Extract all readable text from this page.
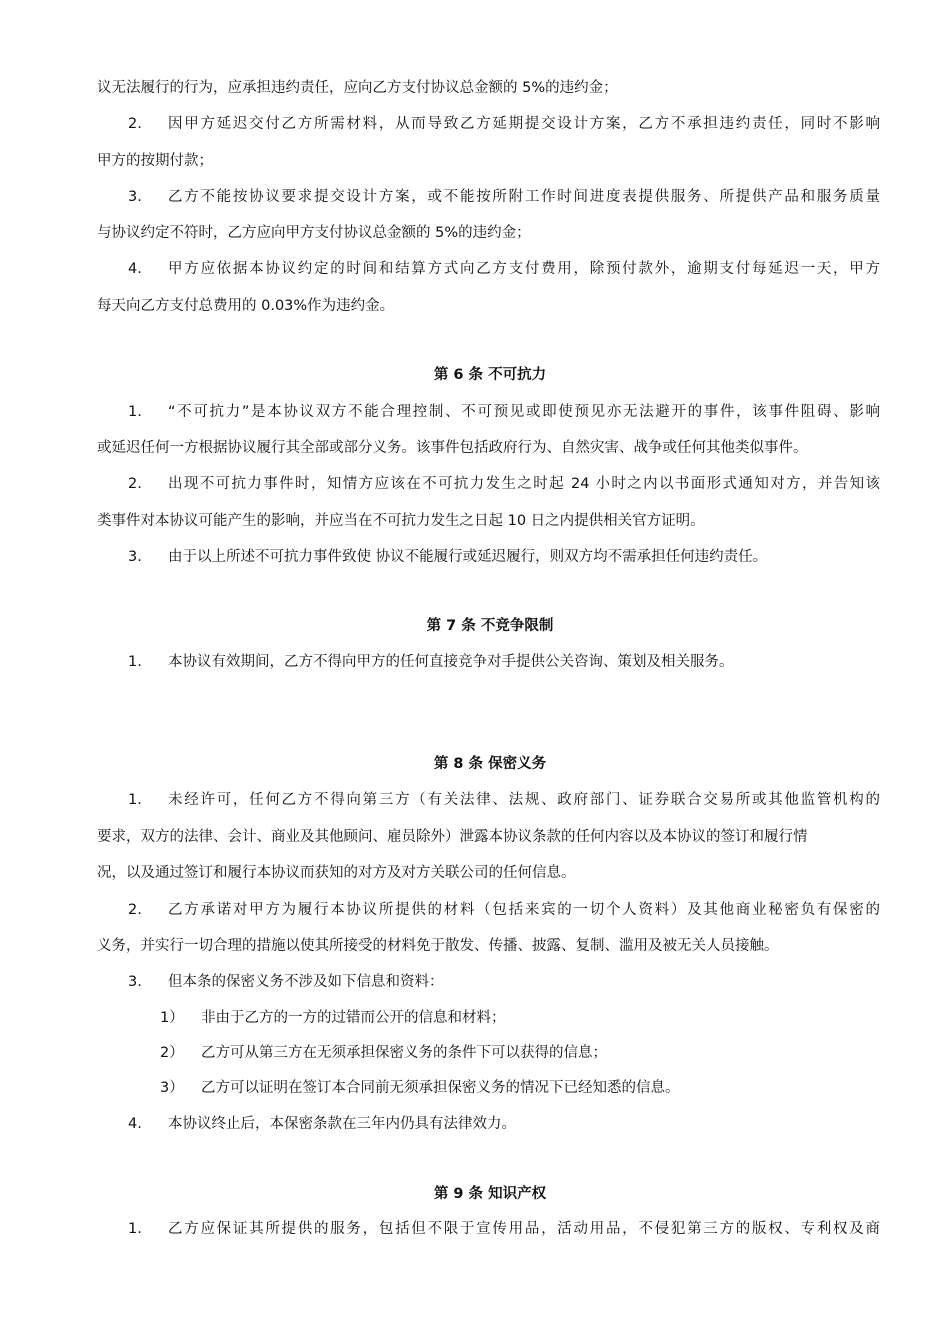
议无法履行的行为，应承担违约责任，应向乙方支付协议总金额的 5%的违约金；
2. 因甲方延迟交付乙方所需材料，从而导致乙方延期提交设计方案，乙方不承担违约责任，同时不影响
甲方的按期付款；
3. 乙方不能按协议要求提交设计方案，或不能按所附工作时间进度表提供服务、所提供产品和服务质量
与协议约定不符时，乙方应向甲方支付协议总金额的 5%的违约金；
4. 甲方应依据本协议约定的时间和结算方式向乙方支付费用，除预付款外，逾期支付每延迟一天，甲方
每天向乙方支付总费用的 0.03%作为违约金。
第 6 条 不可抗力
1. “不可抗力”是本协议双方不能合理控制、不可预见或即使预见亦无法避开的事件，该事件阻碍、影响
或延迟任何一方根据协议履行其全部或部分义务。该事件包括政府行为、自然灾害、战争或任何其他类似事件。
2. 出现不可抗力事件时，知情方应该在不可抗力发生之时起 24 小时之内以书面形式通知对方，并告知该
类事件对本协议可能产生的影响，并应当在不可抗力发生之日起 10 日之内提供相关官方证明。
3. 由于以上所述不可抗力事件致使 协议不能履行或延迟履行，则双方均不需承担任何违约责任。
第 7 条 不竞争限制
1. 本协议有效期间，乙方不得向甲方的任何直接竞争对手提供公关咨询、策划及相关服务。
第 8 条 保密义务
1. 未经许可，任何乙方不得向第三方（有关法律、法规、政府部门、证券联合交易所或其他监管机构的
要求，双方的法律、会计、商业及其他顾问、雇员除外）泄露本协议条款的任何内容以及本协议的签订和履行情
况，以及通过签订和履行本协议而获知的对方及对方关联公司的任何信息。
2. 乙方承诺对甲方为履行本协议所提供的材料（包括来宾的一切个人资料）及其他商业秘密负有保密的
义务，并实行一切合理的措施以使其所接受的材料免于散发、传播、披露、复制、滥用及被无关人员接触。
3. 但本条的保密义务不涉及如下信息和资料：
1） 非由于乙方的一方的过错而公开的信息和材料；
2） 乙方可从第三方在无须承担保密义务的条件下可以获得的信息；
3） 乙方可以证明在签订本合同前无须承担保密义务的情况下已经知悉的信息。
4. 本协议终止后，本保密条款在三年内仍具有法律效力。
第 9 条 知识产权
1. 乙方应保证其所提供的服务，包括但不限于宣传用品，活动用品，不侵犯第三方的版权、专利权及商
